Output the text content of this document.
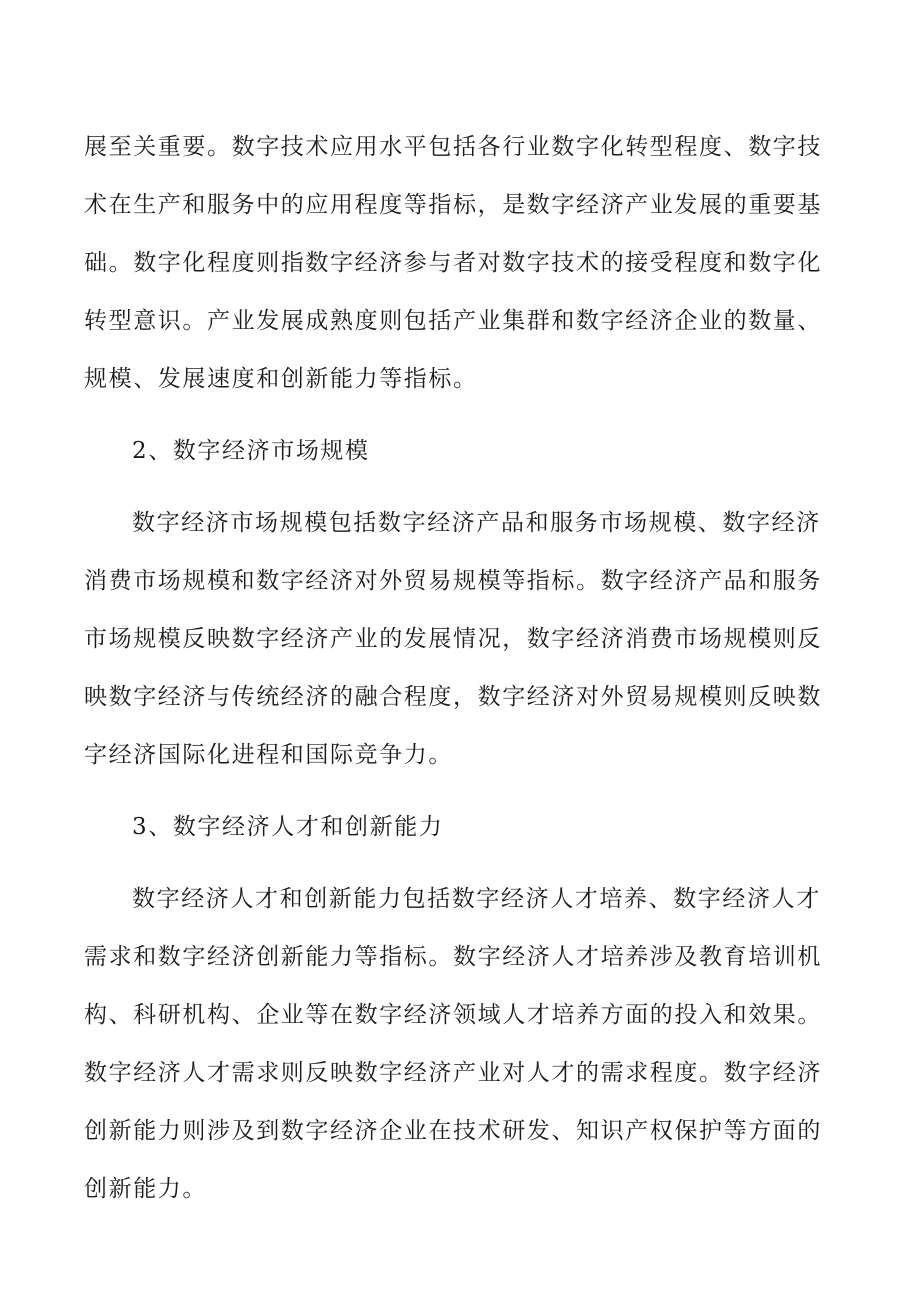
展至关重要。数字技术应用水平包括各行业数字化转型程度、数字技术在生产和服务中的应用程度等指标，是数字经济产业发展的重要基础。数字化程度则指数字经济参与者对数字技术的接受程度和数字化转型意识。产业发展成熟度则包括产业集群和数字经济企业的数量、规模、发展速度和创新能力等指标。

2、数字经济市场规模

数字经济市场规模包括数字经济产品和服务市场规模、数字经济消费市场规模和数字经济对外贸易规模等指标。数字经济产品和服务市场规模反映数字经济产业的发展情况，数字经济消费市场规模则反映数字经济与传统经济的融合程度，数字经济对外贸易规模则反映数字经济国际化进程和国际竞争力。

3、数字经济人才和创新能力

数字经济人才和创新能力包括数字经济人才培养、数字经济人才需求和数字经济创新能力等指标。数字经济人才培养涉及教育培训机构、科研机构、企业等在数字经济领域人才培养方面的投入和效果。数字经济人才需求则反映数字经济产业对人才的需求程度。数字经济创新能力则涉及到数字经济企业在技术研发、知识产权保护等方面的创新能力。
